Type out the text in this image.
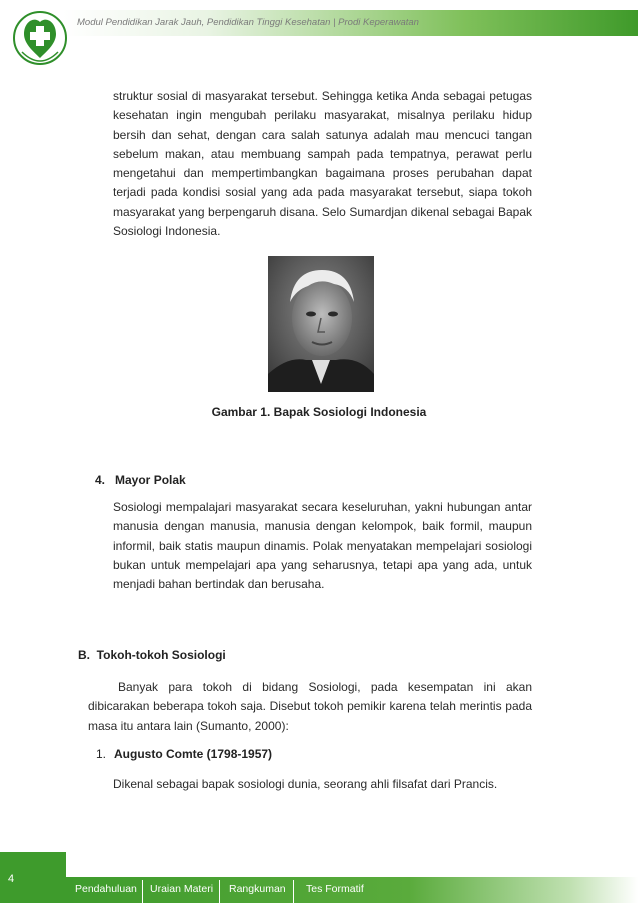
Modul Pendidikan Jarak Jauh, Pendidikan Tinggi Kesehatan | Prodi Keperawatan

struktur sosial di masyarakat tersebut. Sehingga ketika Anda sebagai petugas kesehatan ingin mengubah perilaku masyarakat, misalnya perilaku hidup bersih dan sehat, dengan cara salah satunya adalah mau mencuci tangan sebelum makan, atau membuang sampah pada tempatnya, perawat perlu mengetahui dan mempertimbangkan bagaimana proses perubahan dapat terjadi pada kondisi sosial yang ada pada masyarakat tersebut, siapa tokoh masyarakat yang berpengaruh disana. Selo Sumardjan dikenal sebagai Bapak Sosiologi Indonesia.

Gambar 1. Bapak Sosiologi Indonesia
4.   Mayor Polak

Sosiologi mempalajari masyarakat secara keseluruhan, yakni hubungan antar manusia dengan manusia, manusia dengan kelompok, baik formil, maupun informil, baik statis maupun dinamis. Polak menyatakan mempelajari sosiologi bukan untuk mempelajari apa yang seharusnya, tetapi apa yang ada, untuk menjadi bahan bertindak dan berusaha.

B.  Tokoh-tokoh Sosiologi

Banyak para tokoh di bidang Sosiologi, pada kesempatan ini akan dibicarakan beberapa tokoh saja. Disebut tokoh pemikir karena telah merintis pada masa itu antara lain (Sumanto, 2000):

1. Augusto Comte (1798-1957)

Dikenal sebagai bapak sosiologi dunia, seorang ahli filsafat dari Prancis.

4
Pendahuluan Uraian Materi Rangkuman Tes Formatif
